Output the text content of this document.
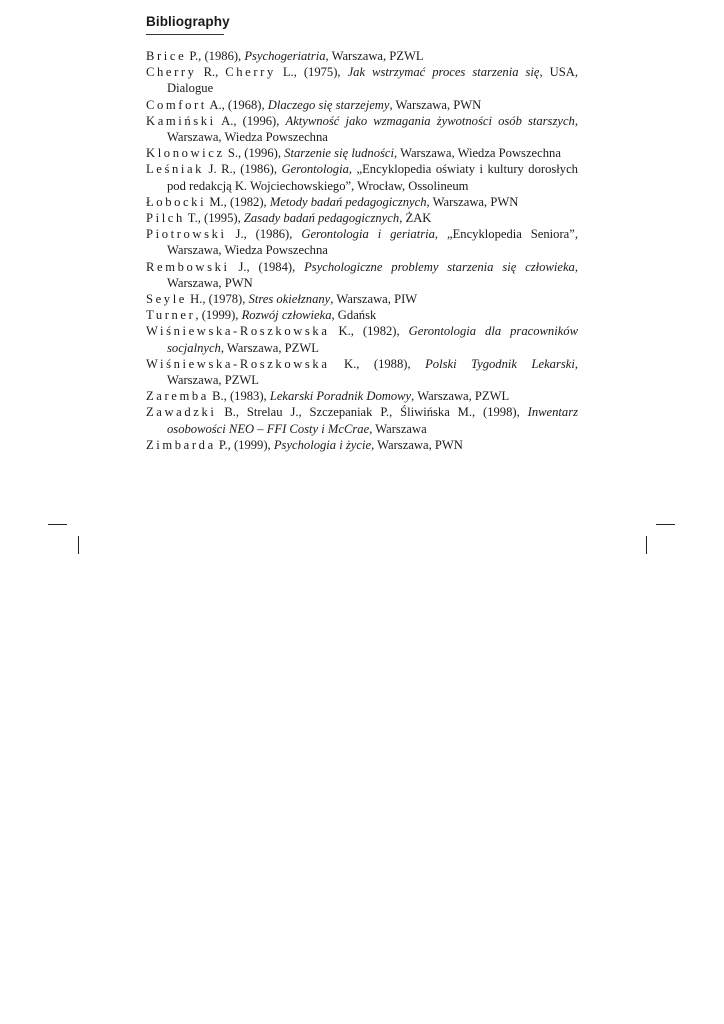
Bibliography

Brice P., (1986), Psychogeriatria, Warszawa, PZWL

Cherry R., Cherry L., (1975), Jak wstrzymać proces starzenia się, USA, Dialogue

Comfort A., (1968), Dlaczego się starzejemy, Warszawa, PWN

Kamiński A., (1996), Aktywność jako wzmagania żywotności osób starszych, Warszawa, Wiedza Powszechna

Klonowicz S., (1996), Starzenie się ludności, Warszawa, Wiedza Powszechna

Leśniak J. R., (1986), Gerontologia, „Encyklopedia oświaty i kultury dorosłych pod redakcją K. Wojciechowskiego”, Wrocław, Ossolineum

Łobocki M., (1982), Metody badań pedagogicznych, Warszawa, PWN

Pilch T., (1995), Zasady badań pedagogicznych, ŻAK

Piotrowski J., (1986), Gerontologia i geriatria, „Encyklopedia Seniora”, Warszawa, Wiedza Powszechna

Rembowski J., (1984), Psychologiczne problemy starzenia się człowieka, Warszawa, PWN

Seyle H., (1978), Stres okiełznany, Warszawa, PIW

Turner, (1999), Rozwój człowieka, Gdańsk

Wiśniewska-Roszkowska K., (1982), Gerontologia dla pracowników socjalnych, Warszawa, PZWL

Wiśniewska-Roszkowska K., (1988), Polski Tygodnik Lekarski, Warszawa, PZWL

Zaremba B., (1983), Lekarski Poradnik Domowy, Warszawa, PZWL

Zawadzki B., Strelau J., Szczepaniak P., Śliwińska M., (1998), Inwentarz osobowości NEO – FFI Costy i McCrae, Warszawa

Zimbarda P., (1999), Psychologia i życie, Warszawa, PWN
